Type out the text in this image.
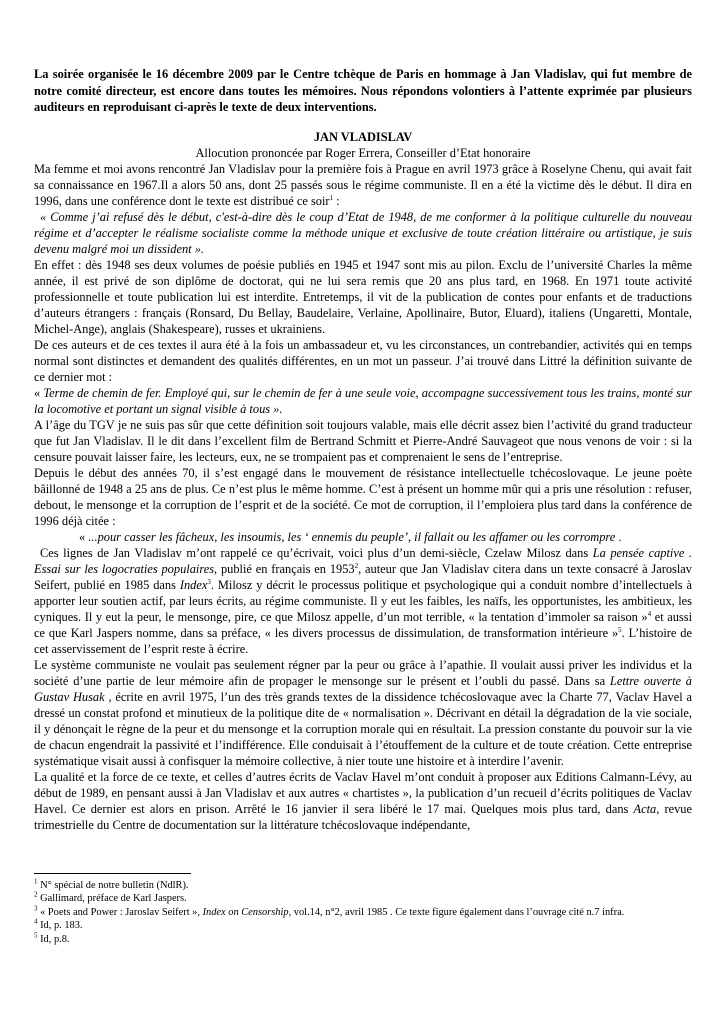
La soirée organisée le 16 décembre 2009 par le Centre tchèque de Paris en hommage à Jan Vladislav, qui fut membre de notre comité directeur, est encore dans toutes les mémoires. Nous répondons volontiers à l’attente exprimée par plusieurs auditeurs en reproduisant ci-après le texte de deux interventions.

JAN VLADISLAV

Allocution prononcée par Roger Errera, Conseiller d’Etat honoraire

Ma femme et moi avons rencontré Jan Vladislav pour la première fois à Prague en avril 1973 grâce à Roselyne Chenu, qui avait fait sa connaissance en 1967.Il a alors 50 ans, dont 25 passés sous le régime communiste. Il en a été la victime dès le début. Il dira en 1996, dans une conférence dont le texte est distribué ce soir$^1$ :

« Comme j’ai refusé dès le début, c'est-à-dire dès le coup d’Etat de 1948, de me conformer à la politique culturelle du nouveau régime et d’accepter le réalisme socialiste comme la méthode unique et exclusive de toute création littéraire ou artistique, je suis devenu malgré moi un dissident ».

En effet : dès 1948 ses deux volumes de poésie publiés en 1945 et 1947 sont mis au pilon. Exclu de l’université Charles la même année, il est privé de son diplôme de doctorat, qui ne lui sera remis que 20 ans plus tard, en 1968. En 1971 toute activité professionnelle et toute publication lui est interdite. Entretemps, il vit de la publication de contes pour enfants et de traductions d’auteurs étrangers : français (Ronsard, Du Bellay, Baudelaire, Verlaine, Apollinaire, Butor, Eluard), italiens (Ungaretti, Montale, Michel-Ange), anglais (Shakespeare), russes et ukrainiens.

De ces auteurs et de ces textes il aura été à la fois un ambassadeur et, vu les circonstances, un contrebandier, activités qui en temps normal sont distinctes et demandent des qualités différentes, en un mot un passeur. J’ai trouvé dans Littré la définition suivante de ce dernier mot :

« Terme de chemin de fer. Employé qui, sur le chemin de fer à une seule voie, accompagne successivement tous les trains, monté sur la locomotive et portant un signal visible à tous ».

A l’âge du TGV je ne suis pas sûr que cette définition soit toujours valable, mais elle décrit assez bien l’activité du grand traducteur que fut Jan Vladislav. Il le dit dans l’excellent film de Bertrand Schmitt et Pierre-André Sauvageot que nous venons de voir : si la censure pouvait laisser faire, les lecteurs, eux, ne se trompaient pas et comprenaient le sens de l’entreprise.

Depuis le début des années 70, il s’est engagé dans le mouvement de résistance intellectuelle tchécoslovaque. Le jeune poète bâillonné de 1948 a 25 ans de plus. Ce n’est plus le même homme. C’est à présent un homme mûr qui a pris une résolution : refuser, debout, le mensonge et la corruption de l’esprit et de la société. Ce mot de corruption, il l’emploiera plus tard dans la conférence de 1996 déjà citée :

« ...pour casser les fâcheux, les insoumis, les ‘ ennemis du peuple’, il fallait ou les affamer ou les corrompre .

Ces lignes de Jan Vladislav m’ont rappelé ce qu’écrivait, voici plus d’un demi-siècle, Czelaw Milosz dans La pensée captive . Essai sur les logocraties populaires, publié en français en 1953$^2$, auteur que Jan Vladislav citera dans un texte consacré à Jaroslav Seifert, publié en 1985 dans Index$^3$. Milosz y décrit le processus politique et psychologique qui a conduit nombre d’intellectuels à apporter leur soutien actif, par leurs écrits, au régime communiste. Il y eut les faibles, les naïfs, les opportunistes, les ambitieux, les cyniques. Il y eut la peur, le mensonge, pire, ce que Milosz appelle, d’un mot terrible, « la tentation d’immoler sa raison »$^4$ et aussi ce que Karl Jaspers nomme, dans sa préface, « les divers processus de dissimulation, de transformation intérieure »$^5$. L’histoire de cet asservissement de l’esprit reste à écrire.

Le système communiste ne voulait pas seulement régner par la peur ou grâce à l’apathie. Il voulait aussi priver les individus et la société d’une partie de leur mémoire afin de propager le mensonge sur le présent et l’oubli du passé. Dans sa Lettre ouverte à Gustav Husak , écrite en avril 1975, l’un des très grands textes de la dissidence tchécoslovaque avec la Charte 77, Vaclav Havel a dressé un constat profond et minutieux de la politique dite de « normalisation ». Décrivant en détail la dégradation de la vie sociale, il y dénonçait le règne de la peur et du mensonge et la corruption morale qui en résultait. La pression constante du pouvoir sur la vie de chacun engendrait la passivité et l’indifférence. Elle conduisait à l’étouffement de la culture et de toute création. Cette entreprise systématique visait aussi à confisquer la mémoire collective, à nier toute une histoire et à interdire l’avenir.

La qualité et la force de ce texte, et celles d’autres écrits de Vaclav Havel m’ont conduit à proposer aux Editions Calmann-Lévy, au début de 1989, en pensant aussi à Jan Vladislav et aux autres « chartistes », la publication d’un recueil d’écrits politiques de Vaclav Havel. Ce dernier est alors en prison. Arrêté le 16 janvier il sera libéré le 17 mai. Quelques mois plus tard, dans Acta, revue trimestrielle du Centre de documentation sur la littérature tchécoslovaque indépendante,

$^1$ N° spécial de notre bulletin (NdlR).
$^2$ Gallimard, préface de Karl Jaspers.
$^3$ « Poets and Power : Jaroslav Seifert », Index on Censorship, vol.14, n°2, avril 1985 . Ce texte figure également dans l’ouvrage cité n.7 infra.
$^4$ Id, p. 183.
$^5$ Id, p.8.
